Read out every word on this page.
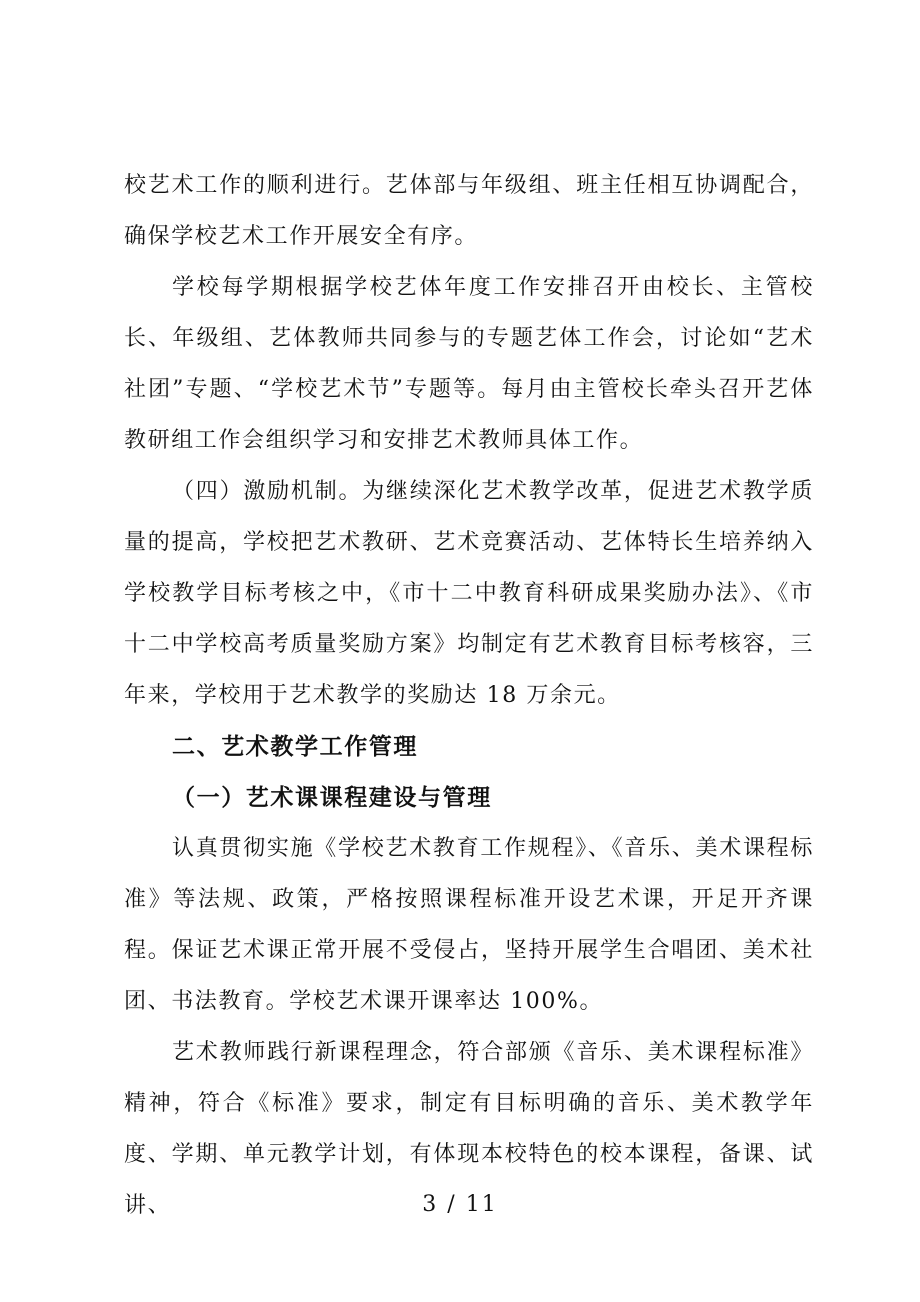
校艺术工作的顺利进行。艺体部与年级组、班主任相互协调配合，确保学校艺术工作开展安全有序。

学校每学期根据学校艺体年度工作安排召开由校长、主管校长、年级组、艺体教师共同参与的专题艺体工作会，讨论如“艺术社团”专题、“学校艺术节”专题等。每月由主管校长牵头召开艺体教研组工作会组织学习和安排艺术教师具体工作。

（四）激励机制。为继续深化艺术教学改革，促进艺术教学质量的提高，学校把艺术教研、艺术竞赛活动、艺体特长生培养纳入学校教学目标考核之中，《市十二中教育科研成果奖励办法》、《市十二中学校高考质量奖励方案》均制定有艺术教育目标考核容，三年来，学校用于艺术教学的奖励达 18 万余元。

二、艺术教学工作管理

（一）艺术课课程建设与管理

认真贯彻实施《学校艺术教育工作规程》、《音乐、美术课程标准》等法规、政策，严格按照课程标准开设艺术课，开足开齐课程。保证艺术课正常开展不受侵占，坚持开展学生合唱团、美术社团、书法教育。学校艺术课开课率达 100%。

艺术教师践行新课程理念，符合部颁《音乐、美术课程标准》精神，符合《标准》要求，制定有目标明确的音乐、美术教学年度、学期、单元教学计划，有体现本校特色的校本课程，备课、试讲、	3 / 11
